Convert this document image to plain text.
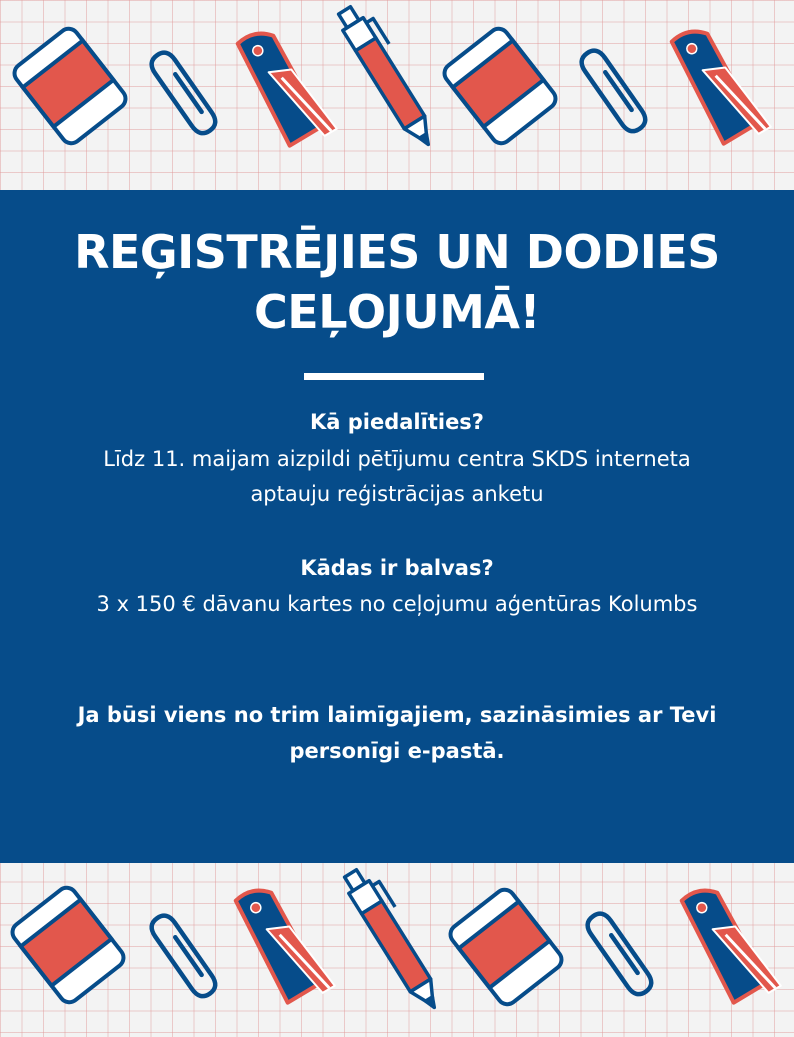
REĢISTRĒJIES UN DODIES
CEĻOJUMĀ!
Kā piedalīties?
Līdz 11. maijam aizpildi pētījumu centra SKDS interneta
aptauju reģistrācijas anketu
Kādas ir balvas?
3 x 150 € dāvanu kartes no ceļojumu aģentūras Kolumbs
Ja būsi viens no trim laimīgajiem, sazināsimies ar Tevi
personīgi e-pastā.
